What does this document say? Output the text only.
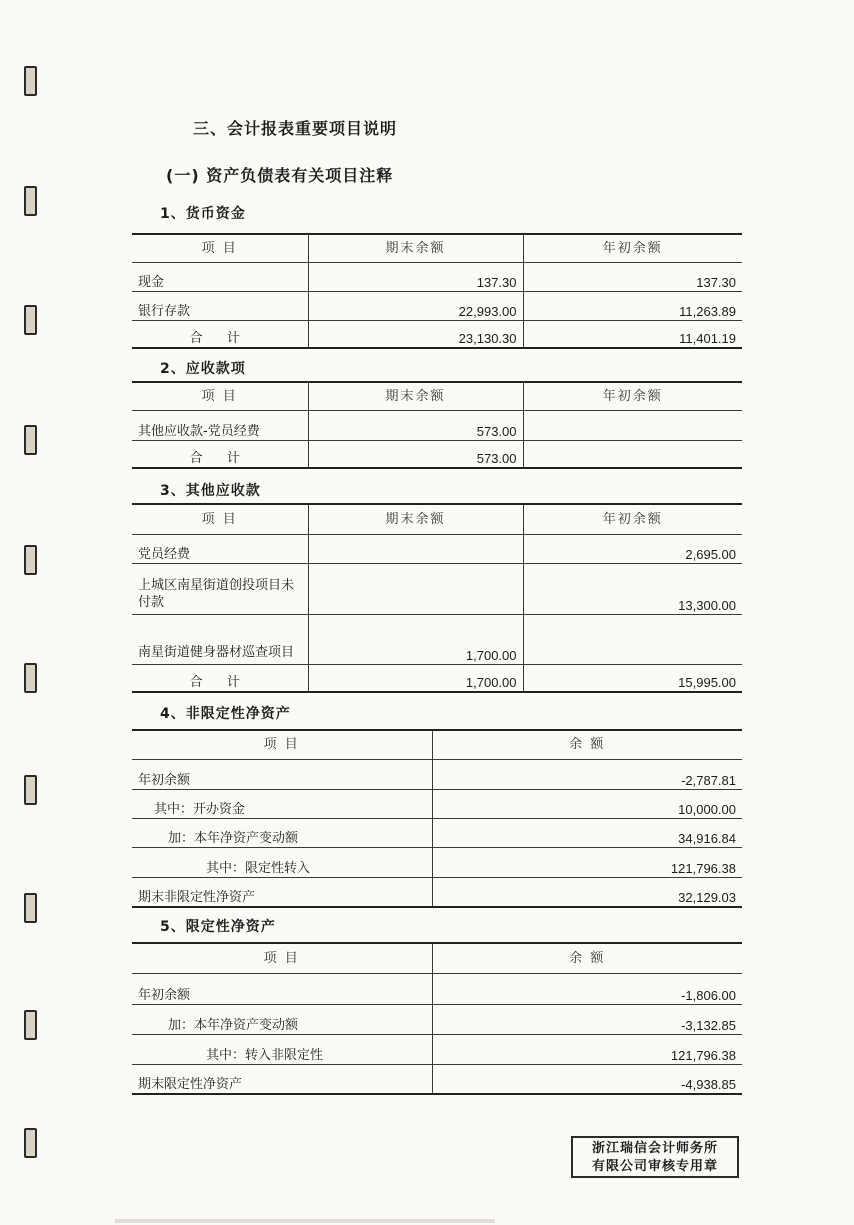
三、会计报表重要项目说明
(一) 资产负债表有关项目注释
1、货币资金
项 目	期末余额	年初余额
现金	137.30	137.30
银行存款	22,993.00	11,263.89
合 计	23,130.30	11,401.19
2、应收款项
项 目	期末余额	年初余额
其他应收款-党员经费	573.00	
合 计	573.00	
3、其他应收款
项 目	期末余额	年初余额
党员经费		2,695.00
上城区南星街道创投项目未付款		13,300.00
南星街道健身器材巡查项目	1,700.00	
合 计	1,700.00	15,995.00
4、非限定性净资产
项 目	余 额
年初余额	-2,787.81
其中：开办资金	10,000.00
加：本年净资产变动额	34,916.84
其中：限定性转入	121,796.38
期末非限定性净资产	32,129.03
5、限定性净资产
项 目	余 额
年初余额	-1,806.00
加：本年净资产变动额	-3,132.85
其中：转入非限定性	121,796.38
期末限定性净资产	-4,938.85
浙江瑞信会计师务所
有限公司审核专用章
